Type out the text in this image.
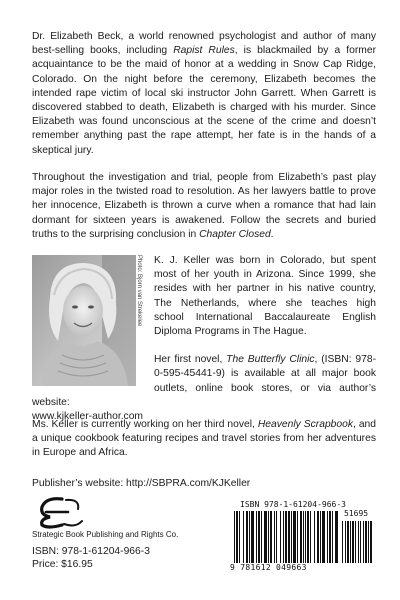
Dr. Elizabeth Beck, a world renowned psychologist and author of many best-selling books, including Rapist Rules, is blackmailed by a former acquaintance to be the maid of honor at a wedding in Snow Cap Ridge, Colorado. On the night before the ceremony, Elizabeth becomes the intended rape victim of local ski instructor John Garrett. When Garrett is discovered stabbed to death, Elizabeth is charged with his murder. Since Elizabeth was found unconscious at the scene of the crime and doesn’t remember anything past the rape attempt, her fate is in the hands of a skeptical jury.

Throughout the investigation and trial, people from Elizabeth’s past play major roles in the twisted road to resolution. As her lawyers battle to prove her innocence, Elizabeth is thrown a curve when a romance that had lain dormant for sixteen years is awakened. Follow the secrets and buried truths to the surprising conclusion in Chapter Closed.

Photo: Bjorn van Strekelee	K. J. Keller was born in Colorado, but spent most of her youth in Arizona. Since 1999, she resides with her partner in his native country, The Netherlands, where she teaches high school International Baccalaureate English Diploma Programs in The Hague.

Her first novel, The Butterfly Clinic, (ISBN: 978-0-595-45441-9) is available at all major book outlets, online book stores, or via author’s website:
www.kjkeller-author.com

Ms. Keller is currently working on her third novel, Heavenly Scrapbook, and a unique cookbook featuring recipes and travel stories from her adventures in Europe and Africa.

Publisher’s website: http://SBPRA.com/KJKeller

Strategic Book Publishing and Rights Co.

ISBN: 978-1-61204-966-3

Price: $16.95

ISBN 978-1-61204-966-3
51695
9 781612 049663
